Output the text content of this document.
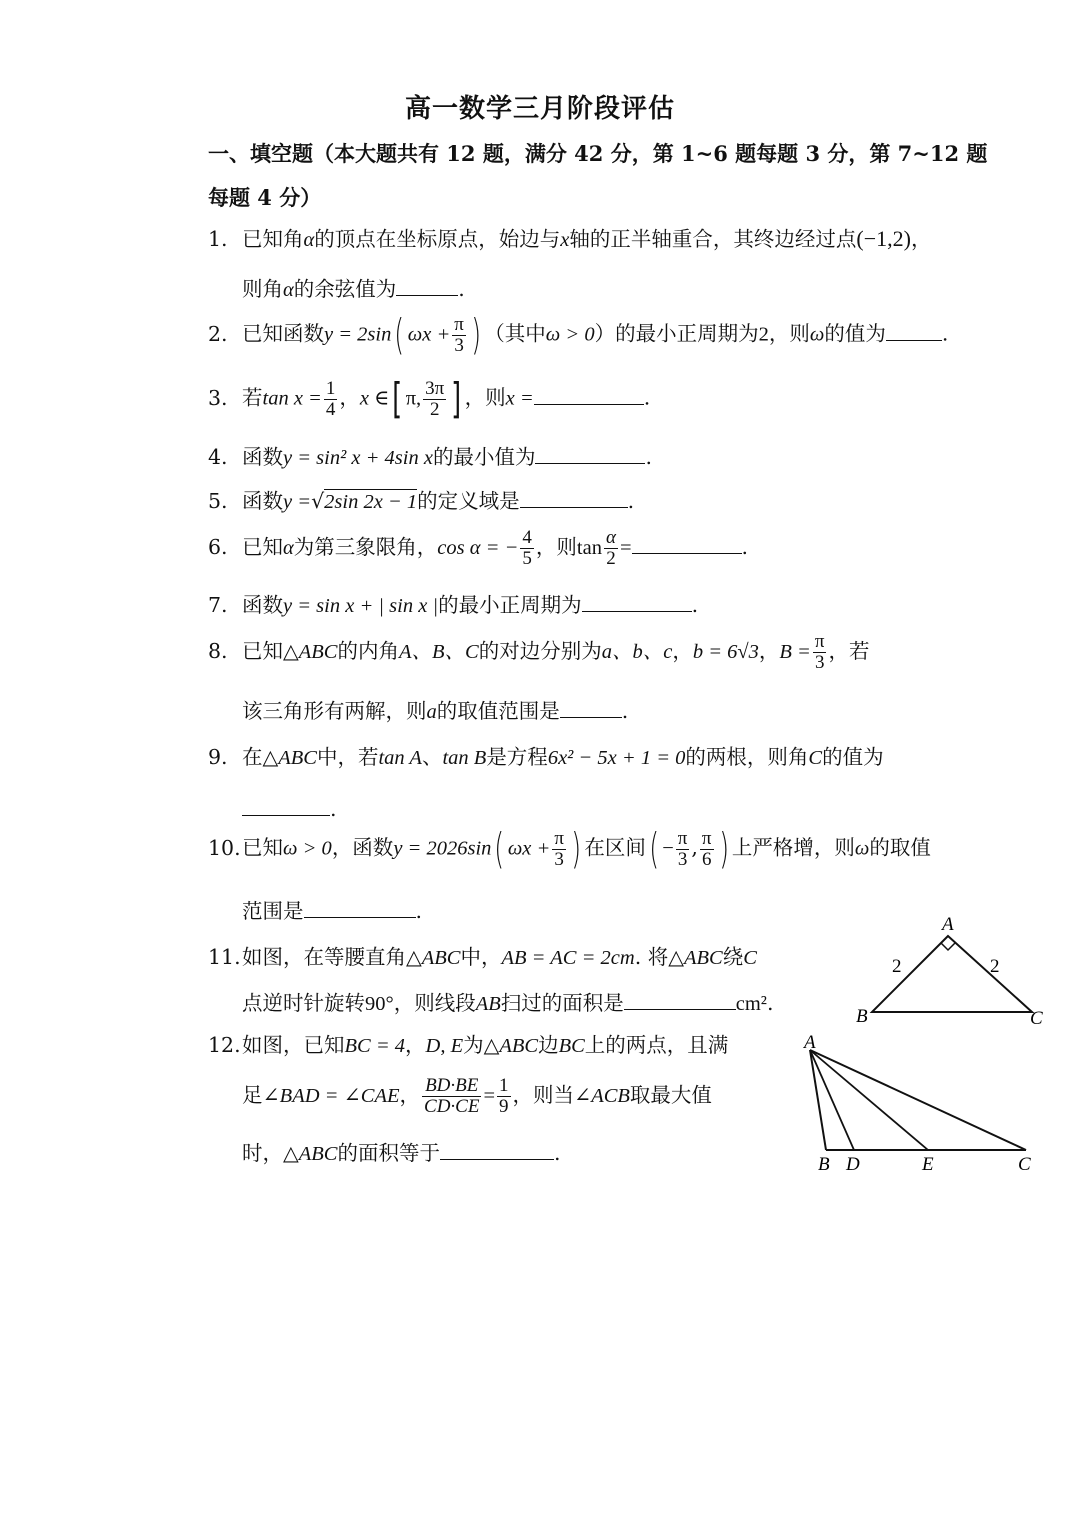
高一数学三月阶段评估
一、填空题（本大题共有 12 题，满分 42 分，第 1~6 题每题 3 分，第 7~12 题每题 4 分）
1. 已知角α的顶点在坐标原点，始边与x轴的正半轴重合，其终边经过点(−1,2)，
则角α的余弦值为	.
2. 已知函数y = 2sin( $\omega x + \frac{\pi}{3}$ ) （其中ω > 0）的最小正周期为2，则ω的值为	.
3. 若$\tan x = \frac{1}{4}$ ，x ∈[ π, $\frac{3\pi}{2}$ ] ，则x =	.
4. 函数y = sin² x + 4sin x的最小值为	.
5. 函数y =√2sin 2x − 1的定义域是	.
6. 已知α为第三象限角，cos α = − $\frac{4}{5}$ ，则$\tan \frac{\alpha}{2}$ =	.
7. 函数y = sin x + | sin x |的最小正周期为	.
8. 已知△ABC的内角A、B、C的对边分别为a、b、c，b = 6√3，$B = \frac{\pi}{3}$ ，若
该三角形有两解，则a的取值范围是	.
9. 在△ABC中，若tan A、tan B是方程6x² − 5x + 1 = 0的两根，则角C的值为
.
10.已知ω > 0，函数y = 2026sin( $\omega x + \frac{\pi}{3}$ ) 在区间( − $\frac{\pi}{3}$ , $\frac{\pi}{6}$ ) 上严格增，则ω的取值
范围是	.
11.如图，在等腰直角△ABC中，AB = AC = 2cm. 将△ABC绕C
点逆时针旋转90°，则线段AB扫过的面积是	cm².
12.如图，已知BC = 4，D, E为△ABC边BC上的两点，且满
足∠BAD = ∠CAE， $\frac{BD\cdot BE}{CD\cdot CE} = \frac{1}{9}$ ，则当∠ACB取最大值
时，△ABC的面积等于	.
A
B	C
2	2
A
B D	E	C
